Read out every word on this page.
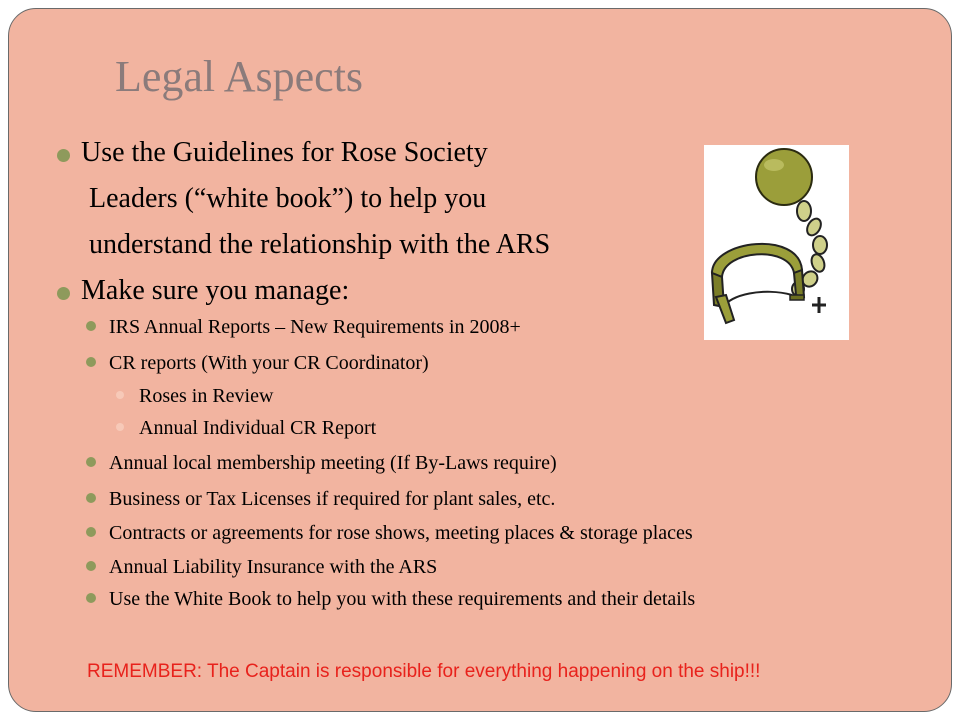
Legal Aspects
Use the Guidelines for Rose Society
Leaders (“white book”) to help you
understand the relationship with the ARS
Make sure you manage:
IRS Annual Reports – New Requirements in 2008+
CR reports (With your CR Coordinator)
Roses in Review
Annual Individual CR Report
Annual local membership meeting (If By-Laws require)
Business or Tax Licenses if required for plant sales, etc.
Contracts or agreements for rose shows, meeting places & storage places
Annual Liability Insurance with the ARS
Use the White Book to help you with these requirements and their details
REMEMBER: The Captain is responsible for everything happening on the ship!!!
